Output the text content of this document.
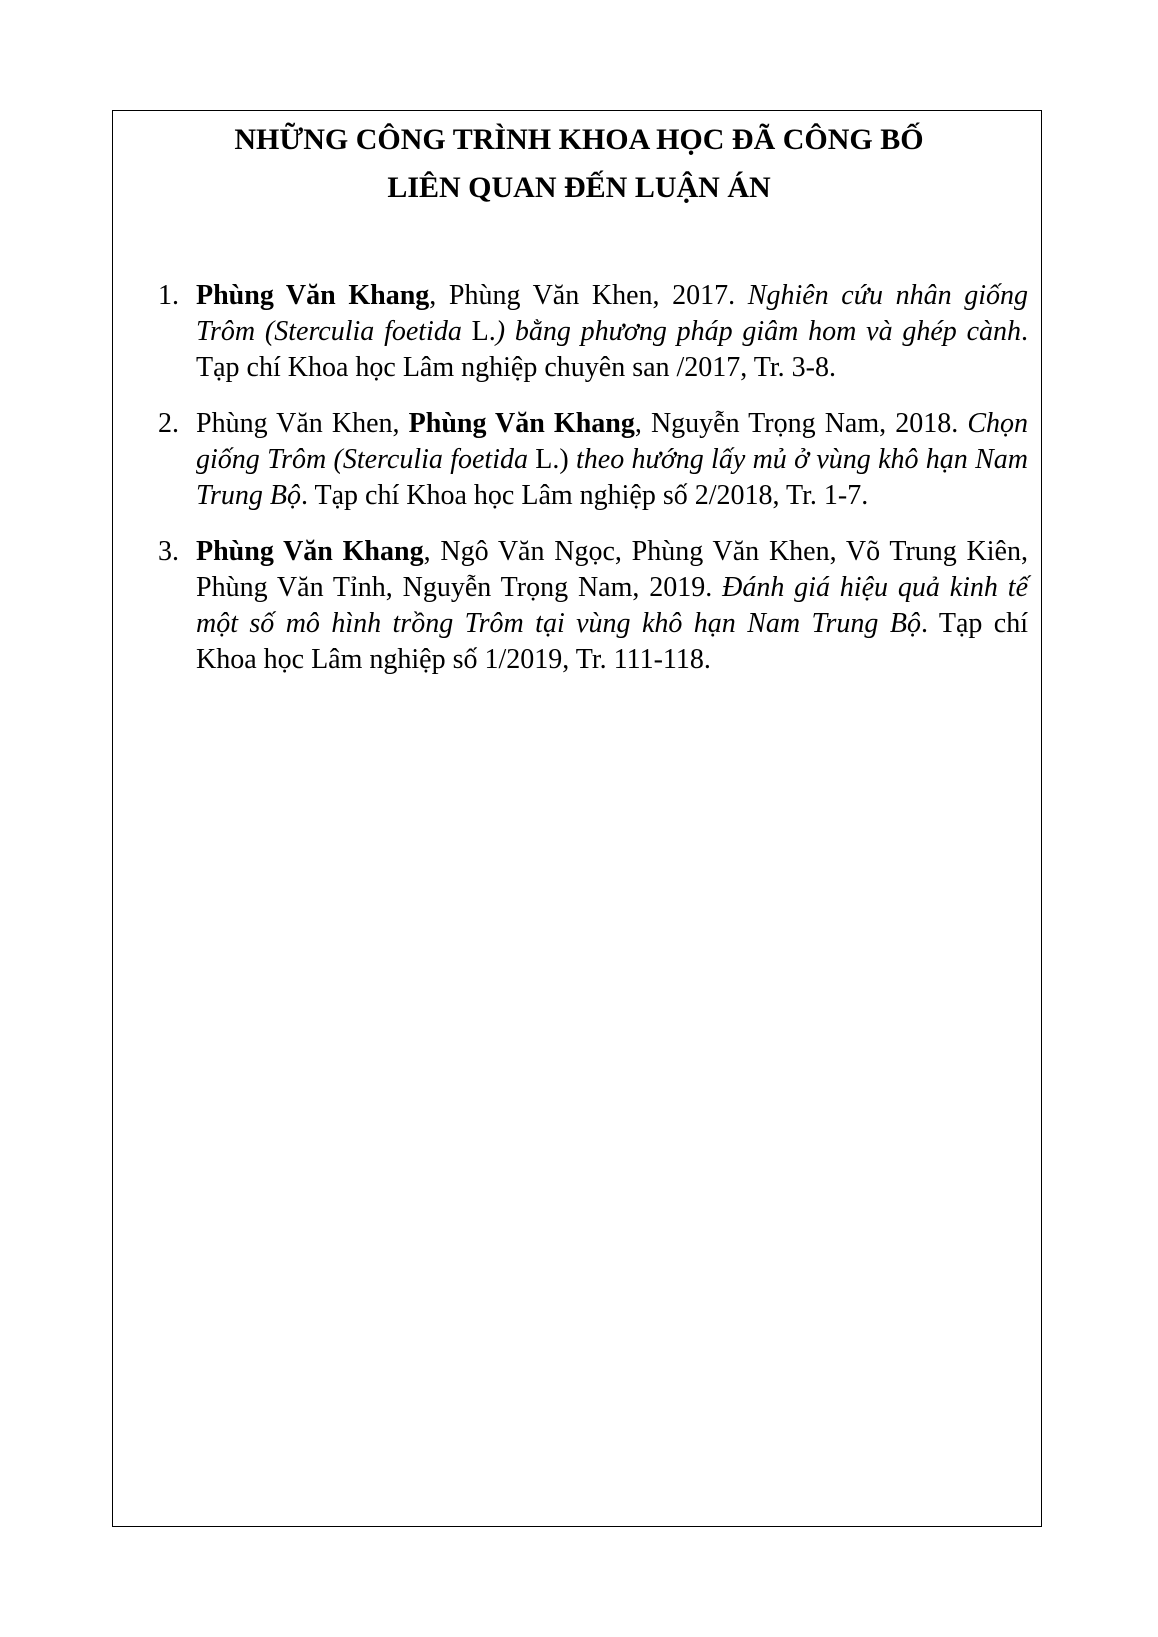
NHỮNG CÔNG TRÌNH KHOA HỌC ĐÃ CÔNG BỐ
LIÊN QUAN ĐẾN LUẬN ÁN
1. Phùng Văn Khang, Phùng Văn Khen, 2017. Nghiên cứu nhân giống Trôm (Sterculia foetida L.) bằng phương pháp giâm hom và ghép cành. Tạp chí Khoa học Lâm nghiệp chuyên san /2017, Tr. 3-8.
2. Phùng Văn Khen, Phùng Văn Khang, Nguyễn Trọng Nam, 2018. Chọn giống Trôm (Sterculia foetida L.) theo hướng lấy mủ ở vùng khô hạn Nam Trung Bộ. Tạp chí Khoa học Lâm nghiệp số 2/2018, Tr. 1-7.
3. Phùng Văn Khang, Ngô Văn Ngọc, Phùng Văn Khen, Võ Trung Kiên, Phùng Văn Tỉnh, Nguyễn Trọng Nam, 2019. Đánh giá hiệu quả kinh tế một số mô hình trồng Trôm tại vùng khô hạn Nam Trung Bộ. Tạp chí Khoa học Lâm nghiệp số 1/2019, Tr. 111-118.
